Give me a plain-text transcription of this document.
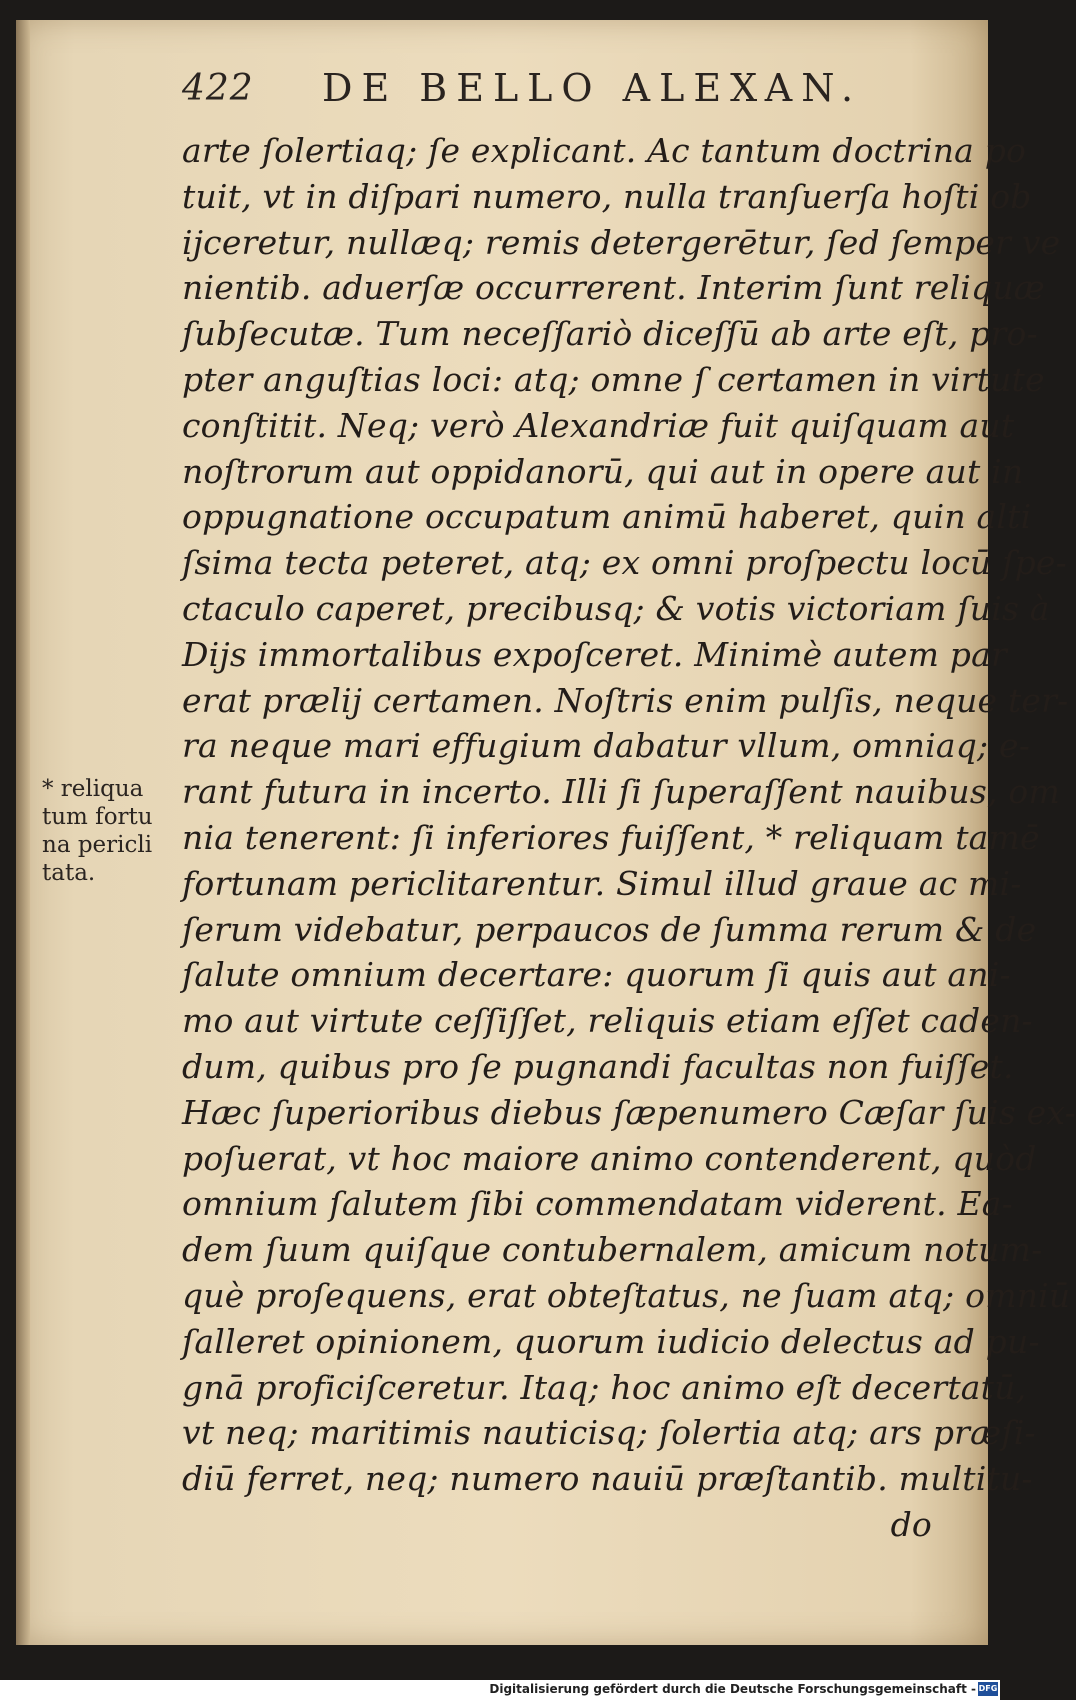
422 DE BELLO ALEXAN.
* reliqua
tum fortu
na pericli
tata.
arte ſolertiaq; ſe explicant. Ac tantum doctrina po
tuit, vt in diſpari numero, nulla tranſuerſa hoſti ob
ijceretur, nullæq; remis detergerētur, ſed ſemper ve
nientib. aduerſæ occurrerent. Interim ſunt reliquæ
ſubſecutæ. Tum neceſſariò diceſſū ab arte eſt, pro-
pter anguſtias loci: atq; omne ſ certamen in virtute
conſtitit. Neq; verò Alexandriæ fuit quiſquam aut
noſtrorum aut oppidanorū, qui aut in opere aut in
oppugnatione occupatum animū haberet, quin alti
ſsima tecta peteret, atq; ex omni proſpectu locū ſpe-
ctaculo caperet, precibusq; & votis victoriam ſuis à
Dijs immortalibus expoſceret. Minimè autem par
erat prælij certamen. Noſtris enim pulſis, neque ter-
ra neque mari effugium dabatur vllum, omniaq; e-
rant futura in incerto. Illi ſi ſuperaſſent nauibus, om
nia tenerent: ſi inferiores fuiſſent, * reliquam tamē
fortunam periclitarentur. Simul illud graue ac mi-
ſerum videbatur, perpaucos de ſumma rerum & de
ſalute omnium decertare: quorum ſi quis aut ani-
mo aut virtute ceſſiſſet, reliquis etiam eſſet caden-
dum, quibus pro ſe pugnandi facultas non fuiſſet.
Hæc ſuperioribus diebus ſæpenumero Cæſar ſuis ex-
poſuerat, vt hoc maiore animo contenderent, quòd
omnium ſalutem ſibi commendatam viderent. Ea-
dem ſuum quiſque contubernalem, amicum notum-
què proſequens, erat obteſtatus, ne ſuam atq; omniū
ſalleret opinionem, quorum iudicio delectus ad pu-
gnā proficiſceretur. Itaq; hoc animo eſt decertatū,
vt neq; maritimis nauticisq; ſolertia atq; ars præſi-
diū ferret, neq; numero nauiū præſtantib. multitu-
do
Digitalisierung gefördert durch die Deutsche Forschungsgemeinschaft - DFG
